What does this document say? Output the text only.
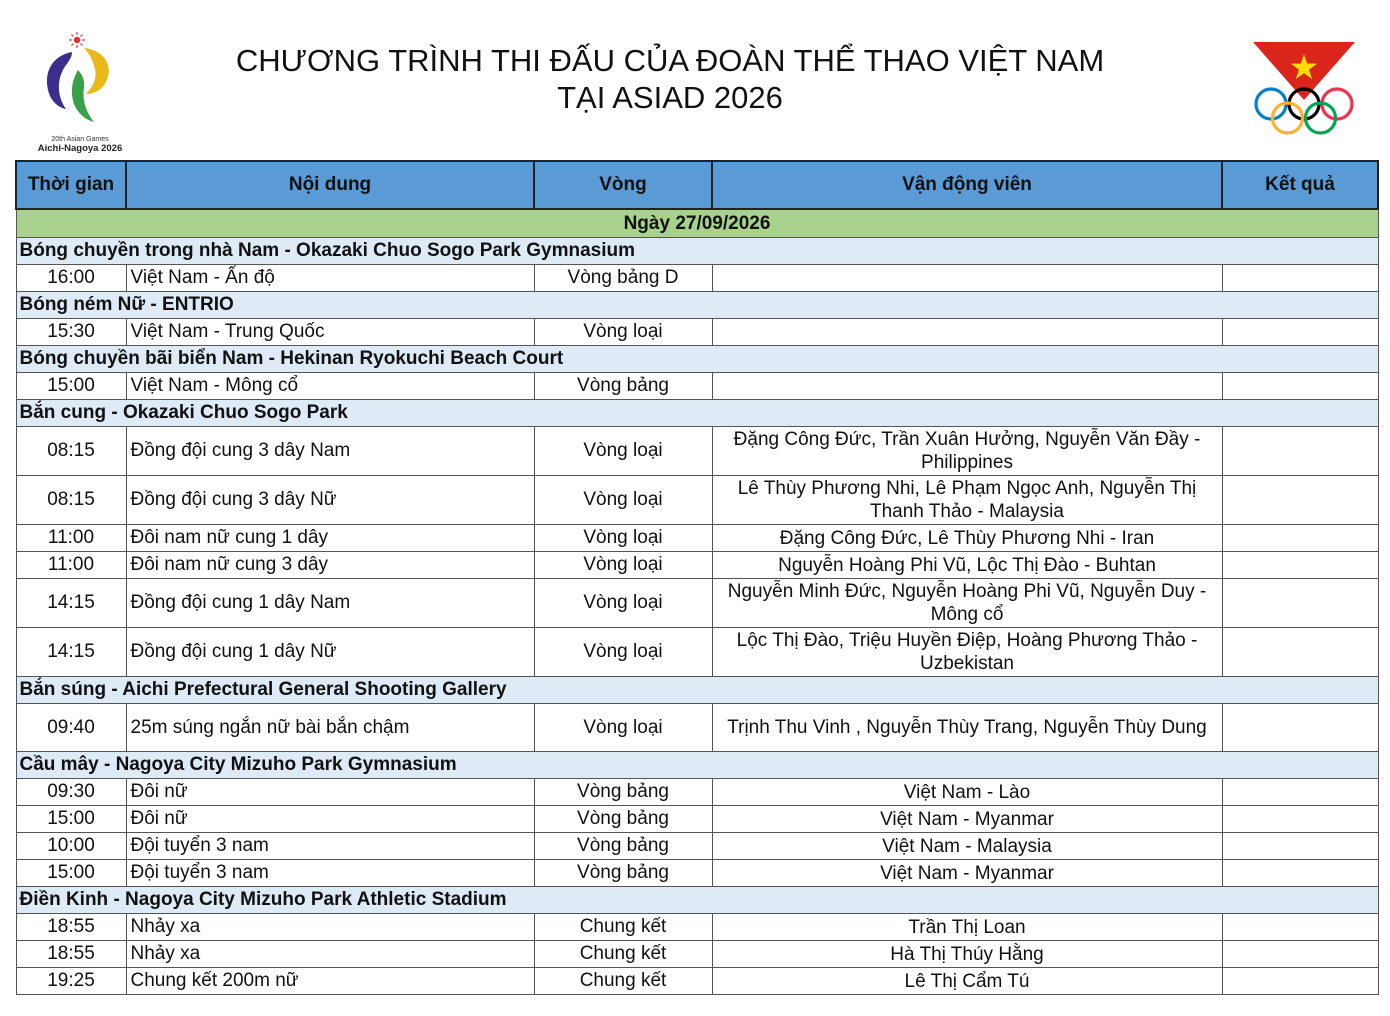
20th Asian Games
Aichi-Nagoya 2026
CHƯƠNG TRÌNH THI ĐẤU CỦA ĐOÀN THỂ THAO VIỆT NAM
TẠI ASIAD 2026
Thời gian	Nội dung	Vòng	Vận động viên	Kết quả
Ngày 27/09/2026				
Bóng chuyền trong nhà Nam - Okazaki Chuo Sogo Park Gymnasium				
16:00	Việt Nam - Ấn độ	Vòng bảng D		
Bóng ném Nữ - ENTRIO				
15:30	Việt Nam - Trung Quốc	Vòng loại		
Bóng chuyền bãi biển Nam - Hekinan Ryokuchi Beach Court				
15:00	Việt Nam - Mông cổ	Vòng bảng		
Bắn cung - Okazaki Chuo Sogo Park				
08:15	Đồng đội cung 3 dây Nam	Vòng loại	Đặng Công Đức, Trần Xuân Hưởng, Nguyễn Văn Đầy -
Philippines	

08:15	Đồng đội cung 3 dây Nữ	Vòng loại	Lê Thùy Phương Nhi, Lê Phạm Ngọc Anh, Nguyễn Thị
Thanh Thảo - Malaysia	

11:00	Đôi nam nữ cung 1 dây	Vòng loại	Đặng Công Đức, Lê Thùy Phương Nhi - Iran	
11:00	Đôi nam nữ cung 3 dây	Vòng loại	Nguyễn Hoàng Phi Vũ, Lộc Thị Đào - Buhtan	
14:15	Đồng đội cung 1 dây Nam	Vòng loại	Nguyễn Minh Đức, Nguyễn Hoàng Phi Vũ, Nguyễn Duy -
Mông cổ	

14:15	Đồng đội cung 1 dây Nữ	Vòng loại	Lộc Thị Đào, Triệu Huyền Điệp, Hoàng Phương Thảo -
Uzbekistan	

Bắn súng - Aichi Prefectural General Shooting Gallery				
09:40	25m súng ngắn nữ bài bắn chậm	Vòng loại	Trịnh Thu Vinh , Nguyễn Thùy Trang, Nguyễn Thùy Dung	
Cầu mây - Nagoya City Mizuho Park Gymnasium				
09:30	Đôi nữ	Vòng bảng	Việt Nam - Lào	
15:00	Đôi nữ	Vòng bảng	Việt Nam - Myanmar	
10:00	Đội tuyển 3 nam	Vòng bảng	Việt Nam - Malaysia	
15:00	Đội tuyển 3 nam	Vòng bảng	Việt Nam - Myanmar	
Điền Kinh - Nagoya City Mizuho Park Athletic Stadium				
18:55	Nhảy xa	Chung kết	Trần Thị Loan	
18:55	Nhảy xa	Chung kết	Hà Thị Thúy Hằng	
19:25	Chung kết 200m nữ	Chung kết	Lê Thị Cẩm Tú	
